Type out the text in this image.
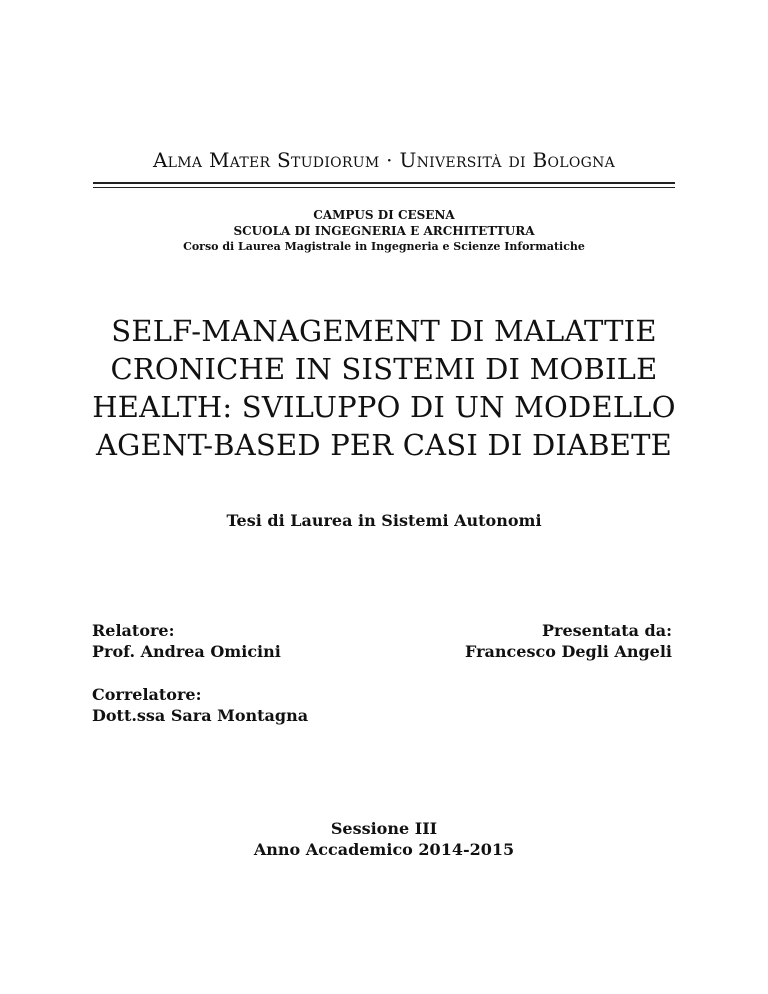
Alma Mater Studiorum · Università di Bologna
CAMPUS DI CESENA
SCUOLA DI INGEGNERIA E ARCHITETTURA
Corso di Laurea Magistrale in Ingegneria e Scienze Informatiche
SELF-MANAGEMENT DI MALATTIE
CRONICHE IN SISTEMI DI MOBILE
HEALTH: SVILUPPO DI UN MODELLO
AGENT-BASED PER CASI DI DIABETE
Tesi di Laurea in Sistemi Autonomi
Relatore:
Prof. Andrea Omicini
Presentata da:
Francesco Degli Angeli
Correlatore:
Dott.ssa Sara Montagna
Sessione III
Anno Accademico 2014-2015
